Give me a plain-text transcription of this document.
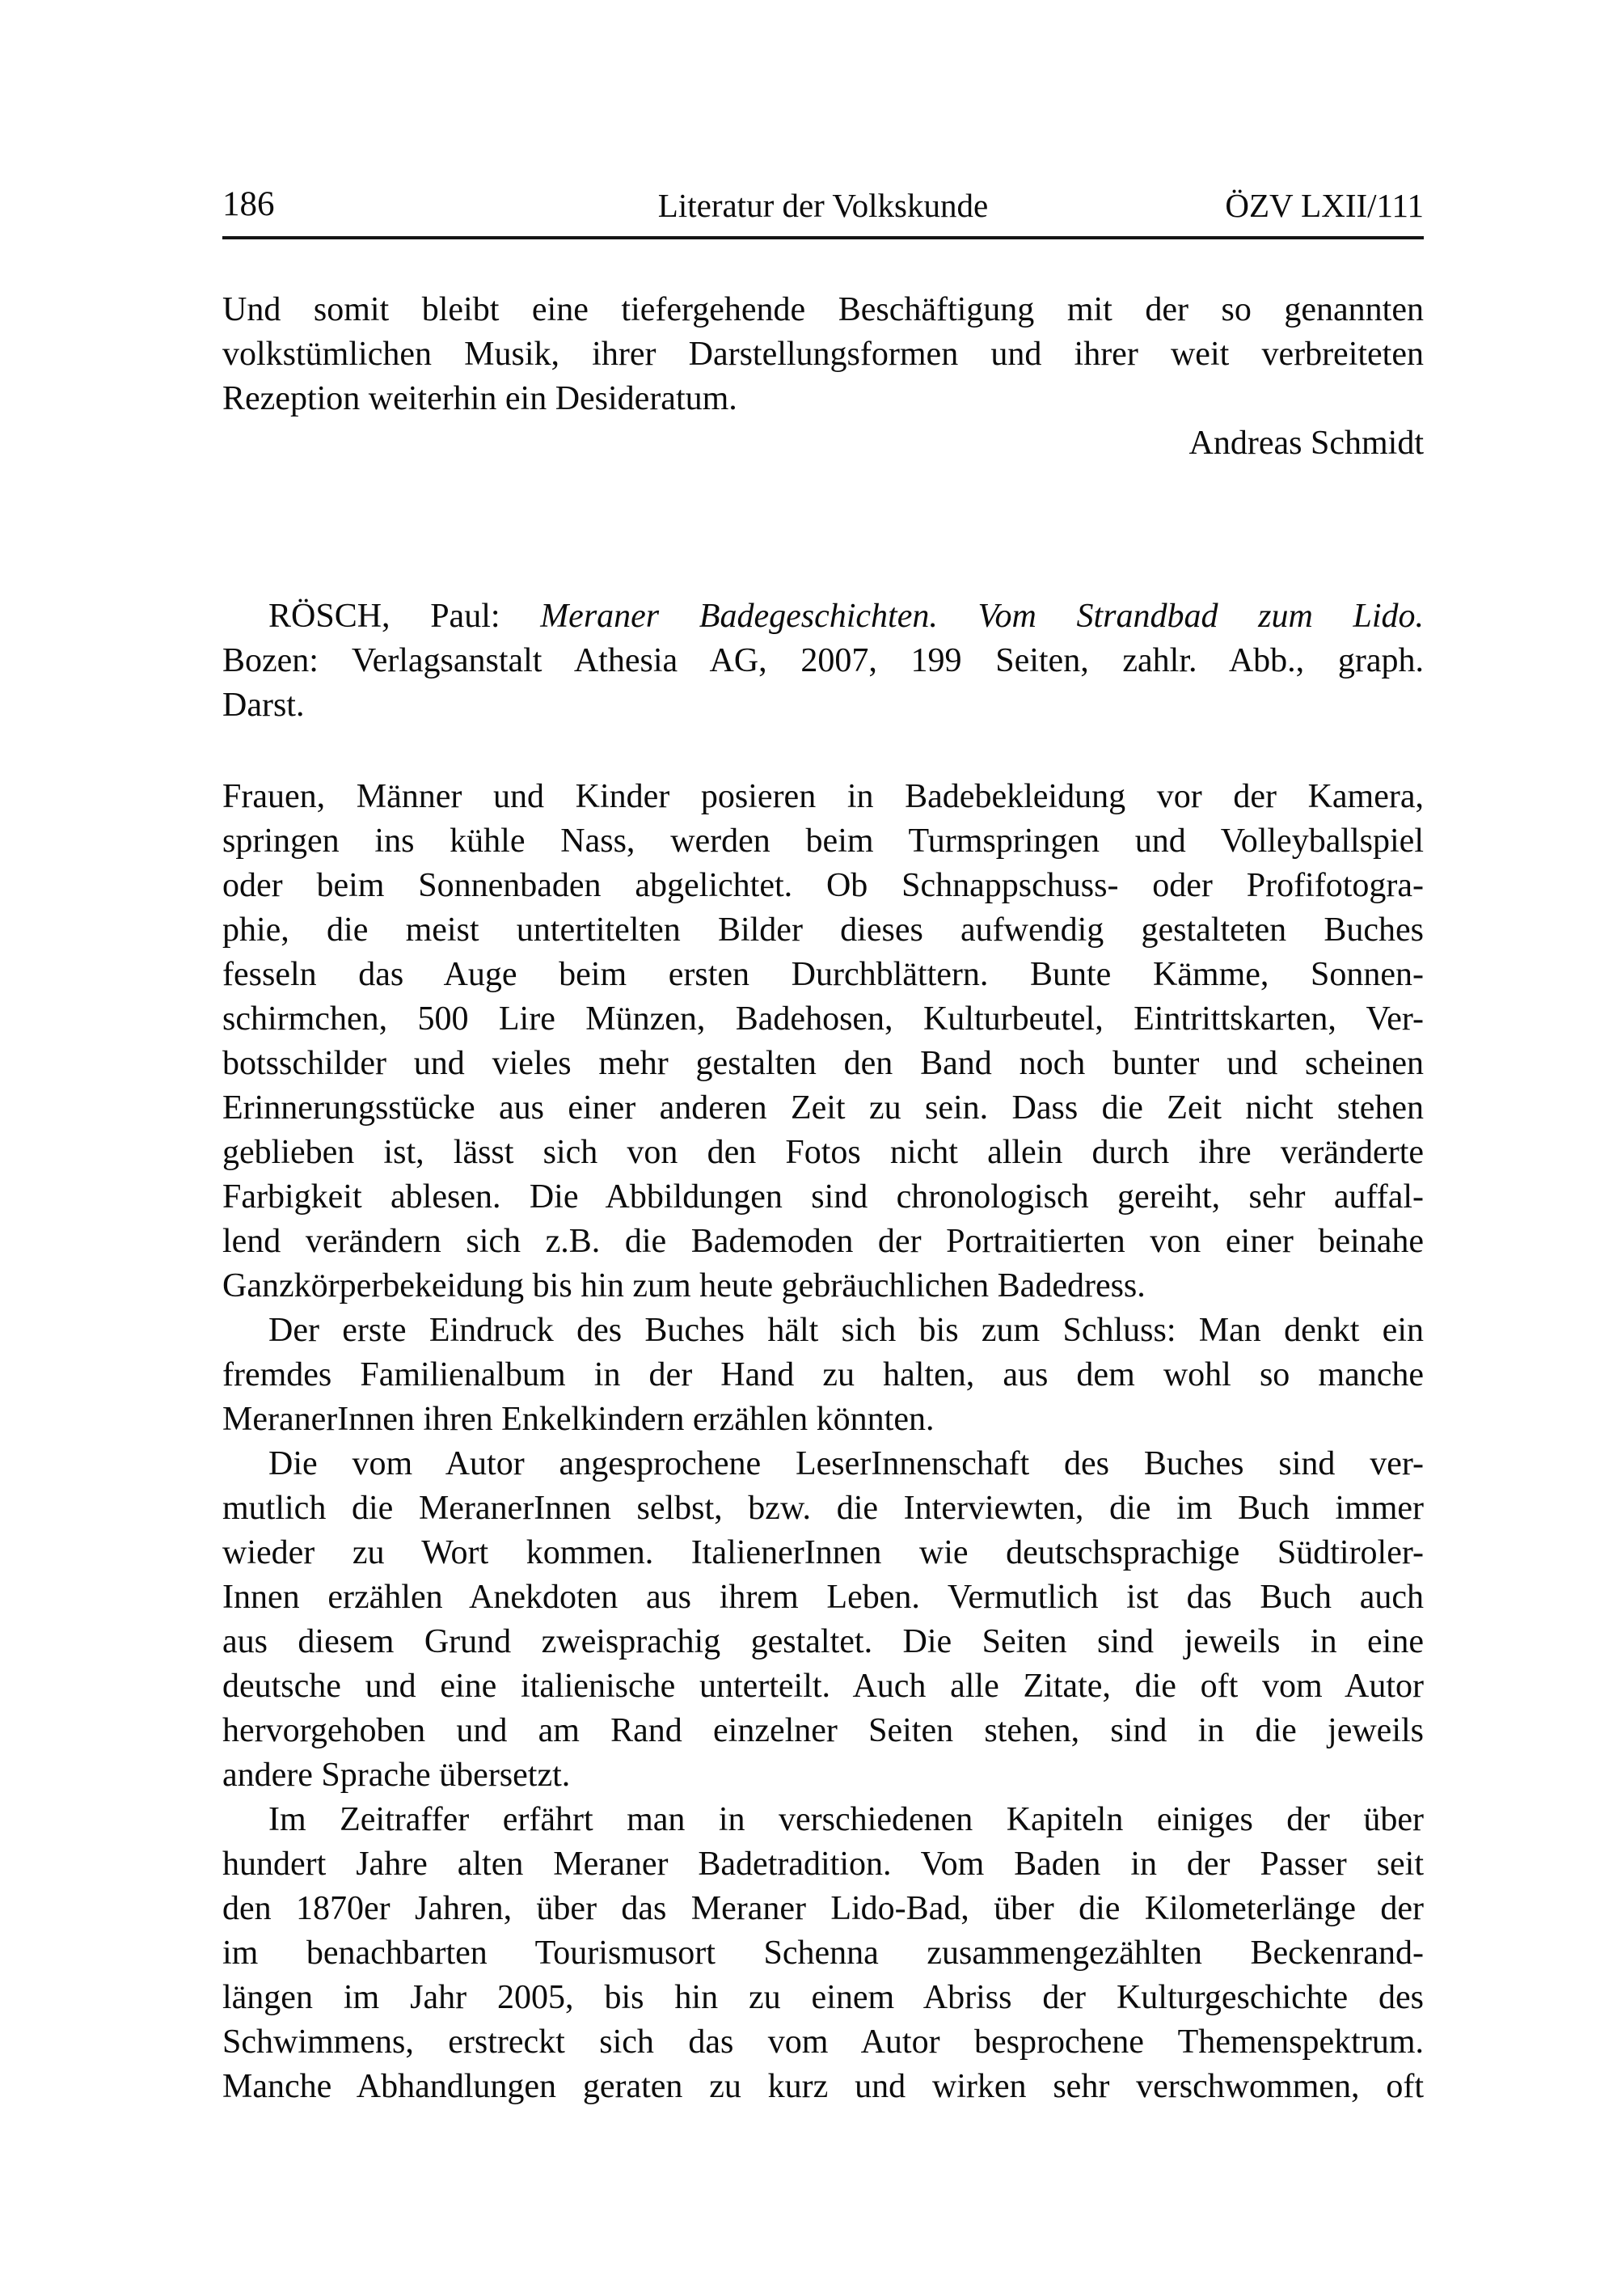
186	Literatur der Volkskunde	ÖZV LXII/111
Und somit bleibt eine tiefergehende Beschäftigung mit der so genannten
volkstümlichen Musik, ihrer Darstellungsformen und ihrer weit verbreiteten
Rezeption weiterhin ein Desideratum.
Andreas Schmidt
RÖSCH, Paul: Meraner Badegeschichten. Vom Strandbad zum Lido.
Bozen: Verlagsanstalt Athesia AG, 2007, 199 Seiten, zahlr. Abb., graph.
Darst.
Frauen, Männer und Kinder posieren in Badebekleidung vor der Kamera,
springen ins kühle Nass, werden beim Turmspringen und Volleyballspiel
oder beim Sonnenbaden abgelichtet. Ob Schnappschuss- oder Profifotogra-
phie, die meist untertitelten Bilder dieses aufwendig gestalteten Buches
fesseln das Auge beim ersten Durchblättern. Bunte Kämme, Sonnen-
schirmchen, 500 Lire Münzen, Badehosen, Kulturbeutel, Eintrittskarten, Ver-
botsschilder und vieles mehr gestalten den Band noch bunter und scheinen
Erinnerungsstücke aus einer anderen Zeit zu sein. Dass die Zeit nicht stehen
geblieben ist, lässt sich von den Fotos nicht allein durch ihre veränderte
Farbigkeit ablesen. Die Abbildungen sind chronologisch gereiht, sehr auffal-
lend verändern sich z.B. die Bademoden der Portraitierten von einer beinahe
Ganzkörperbekeidung bis hin zum heute gebräuchlichen Badedress.
Der erste Eindruck des Buches hält sich bis zum Schluss: Man denkt ein
fremdes Familienalbum in der Hand zu halten, aus dem wohl so manche
MeranerInnen ihren Enkelkindern erzählen könnten.
Die vom Autor angesprochene LeserInnenschaft des Buches sind ver-
mutlich die MeranerInnen selbst, bzw. die Interviewten, die im Buch immer
wieder zu Wort kommen. ItalienerInnen wie deutschsprachige Südtiroler-
Innen erzählen Anekdoten aus ihrem Leben. Vermutlich ist das Buch auch
aus diesem Grund zweisprachig gestaltet. Die Seiten sind jeweils in eine
deutsche und eine italienische unterteilt. Auch alle Zitate, die oft vom Autor
hervorgehoben und am Rand einzelner Seiten stehen, sind in die jeweils
andere Sprache übersetzt.
Im Zeitraffer erfährt man in verschiedenen Kapiteln einiges der über
hundert Jahre alten Meraner Badetradition. Vom Baden in der Passer seit
den 1870er Jahren, über das Meraner Lido-Bad, über die Kilometerlänge der
im benachbarten Tourismusort Schenna zusammengezählten Beckenrand-
längen im Jahr 2005, bis hin zu einem Abriss der Kulturgeschichte des
Schwimmens, erstreckt sich das vom Autor besprochene Themenspektrum.
Manche Abhandlungen geraten zu kurz und wirken sehr verschwommen, oft
